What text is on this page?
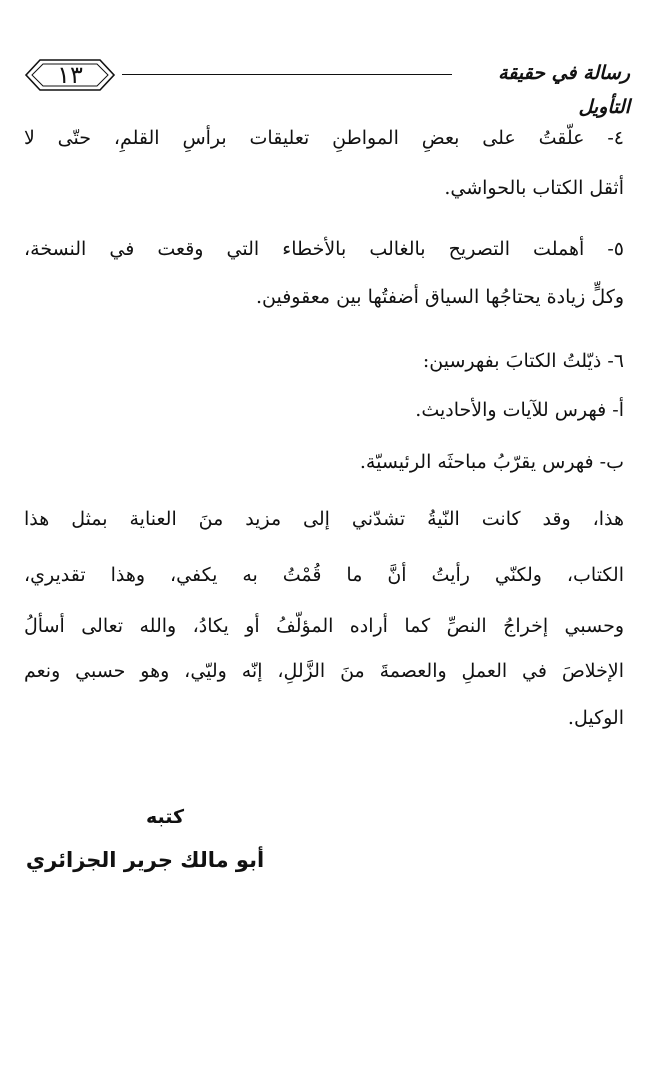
١٣	رسالة في حقيقة التأويل

٤- علّقتُ على بعضِ المواطنِ تعليقات برأسِ القلمِ، حتّى لا

أثقل الكتاب بالحواشي.

٥- أهملت التصريح بالغالب بالأخطاء التي وقعت في النسخة،

وكلٍّ زيادة يحتاجُها السياق أضفتُها بين معقوفين.

٦- ذيّلتُ الكتابَ بفهرسين:

أ- فهرس للآيات والأحاديث.

ب- فهرس يقرّبُ مباحثَه الرئيسيّة.

هذا، وقد كانت النّيةُ تشدّني إلى مزيد منَ العناية بمثل هذا

الكتاب، ولكنّي رأيتُ أنَّ ما قُمْتُ به يكفي، وهذا تقديري،

وحسبي إخراجُ النصِّ كما أراده المؤلّفُ أو يكادُ، والله تعالى أسألُ

الإخلاصَ في العملِ والعصمةَ منَ الزَّللِ، إنّه وليّي، وهو حسبي ونعم

الوكيل.

كتبه

أبو مالك جرير الجزائري
